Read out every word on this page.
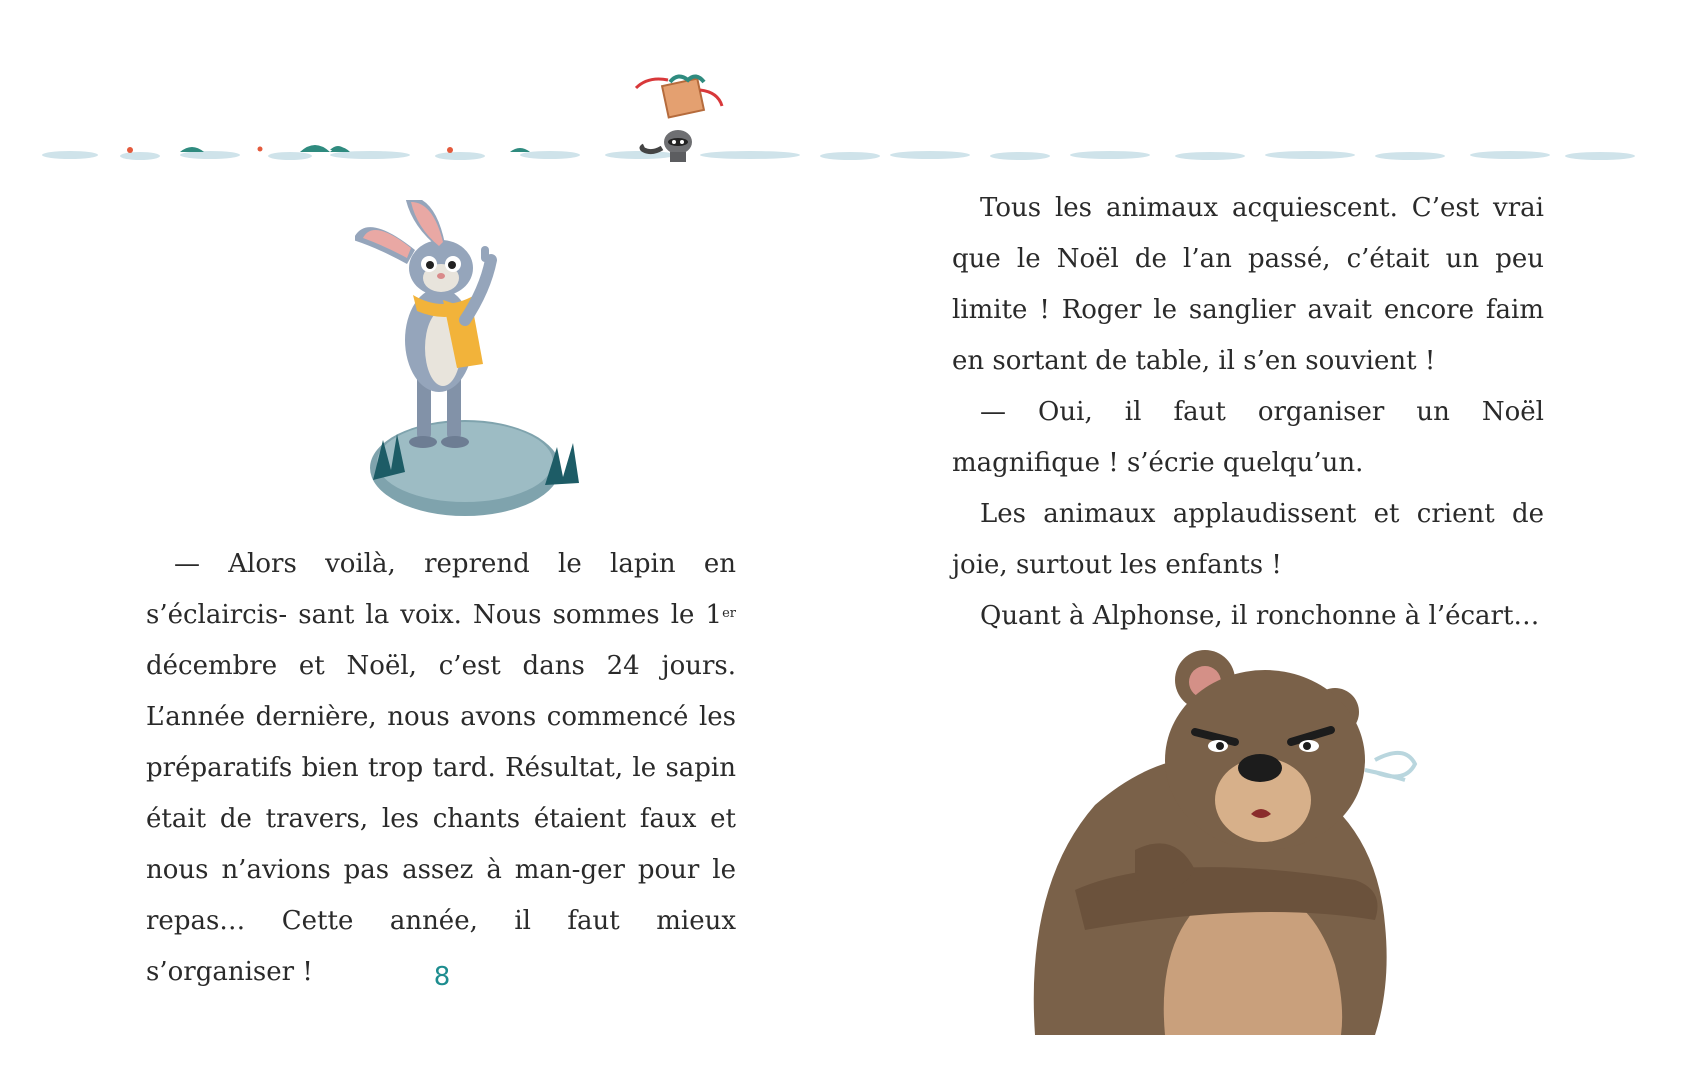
— Alors voilà, reprend le lapin en s’éclaircis- sant la voix. Nous sommes le 1er décembre et Noël, c’est dans 24 jours. L’année dernière, nous avons commencé les préparatifs bien trop tard. Résultat, le sapin était de travers, les chants étaient faux et nous n’avions pas assez à man-ger pour le repas… Cette année, il faut mieux s’organiser !	8

Tous les animaux acquiescent. C’est vrai que le Noël de l’an passé, c’était un peu limite ! Roger le sanglier avait encore faim en sortant de table, il s’en souvient !

— Oui, il faut organiser un Noël magnifique ! s’écrie quelqu’un.

Les animaux applaudissent et crient de joie, surtout les enfants !

Quant à Alphonse, il ronchonne à l’écart…
